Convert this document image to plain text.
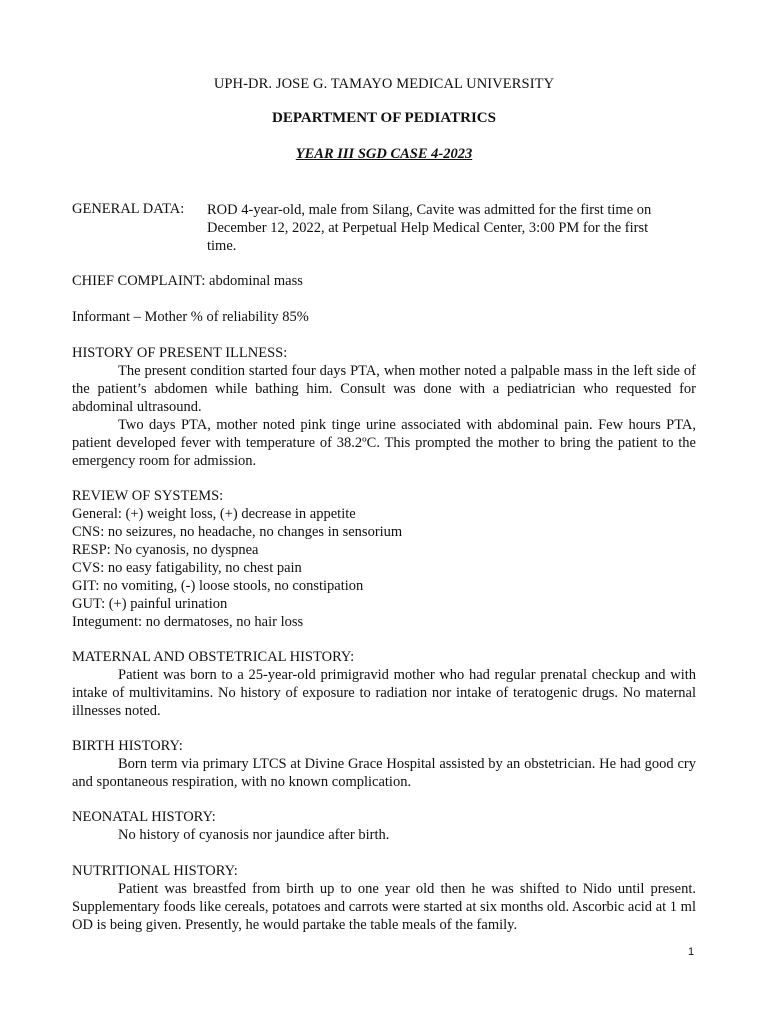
UPH-DR. JOSE G. TAMAYO MEDICAL UNIVERSITY
DEPARTMENT OF PEDIATRICS
YEAR III SGD CASE 4-2023
GENERAL DATA: ROD 4-year-old, male from Silang, Cavite was admitted for the first time on December 12, 2022, at Perpetual Help Medical Center, 3:00 PM for the first time.
CHIEF COMPLAINT: abdominal mass
Informant – Mother % of reliability 85%

HISTORY OF PRESENT ILLNESS:

The present condition started four days PTA, when mother noted a palpable mass in the left side of the patient’s abdomen while bathing him. Consult was done with a pediatrician who requested for abdominal ultrasound.

Two days PTA, mother noted pink tinge urine associated with abdominal pain. Few hours PTA, patient developed fever with temperature of 38.2ºC. This prompted the mother to bring the patient to the emergency room for admission.

REVIEW OF SYSTEMS:

General: (+) weight loss, (+) decrease in appetite

CNS: no seizures, no headache, no changes in sensorium

RESP: No cyanosis, no dyspnea

CVS: no easy fatigability, no chest pain

GIT: no vomiting, (-) loose stools, no constipation

GUT: (+) painful urination

Integument: no dermatoses, no hair loss

MATERNAL AND OBSTETRICAL HISTORY:

Patient was born to a 25-year-old primigravid mother who had regular prenatal checkup and with intake of multivitamins. No history of exposure to radiation nor intake of teratogenic drugs. No maternal illnesses noted.

BIRTH HISTORY:

Born term via primary LTCS at Divine Grace Hospital assisted by an obstetrician. He had good cry and spontaneous respiration, with no known complication.

NEONATAL HISTORY:

No history of cyanosis nor jaundice after birth.

NUTRITIONAL HISTORY:

Patient was breastfed from birth up to one year old then he was shifted to Nido until present. Supplementary foods like cereals, potatoes and carrots were started at six months old. Ascorbic acid at 1 ml OD is being given. Presently, he would partake the table meals of the family.

1
